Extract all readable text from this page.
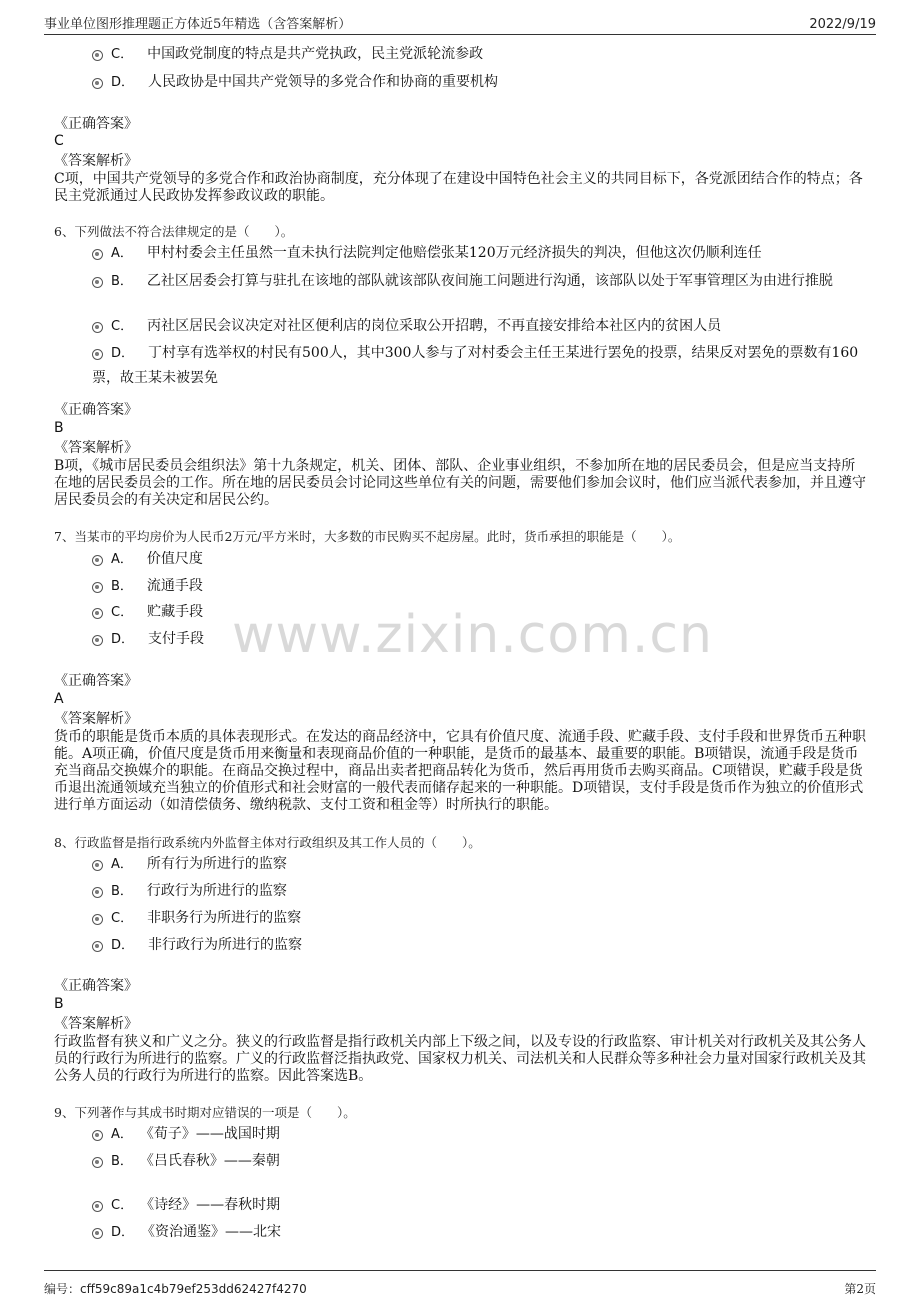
事业单位图形推理题正方体近5年精选（含答案解析）	2022/9/19
www.zixin.com.cn
C． 中国政党制度的特点是共产党执政，民主党派轮流参政
D． 人民政协是中国共产党领导的多党合作和协商的重要机构
《正确答案》
C
《答案解析》
C项，中国共产党领导的多党合作和政治协商制度，充分体现了在建设中国特色社会主义的共同目标下，各党派团结合作的特点；各民主党派通过人民政协发挥参政议政的职能。
6、下列做法不符合法律规定的是（　　）。
A． 甲村村委会主任虽然一直未执行法院判定他赔偿张某120万元经济损失的判决，但他这次仍顺利连任
B． 乙社区居委会打算与驻扎在该地的部队就该部队夜间施工问题进行沟通，该部队以处于军事管理区为由进行推脱
C． 丙社区居民会议决定对社区便利店的岗位采取公开招聘，不再直接安排给本社区内的贫困人员
D． 丁村享有选举权的村民有500人，其中300人参与了对村委会主任王某进行罢免的投票，结果反对罢免的票数有160票，故王某未被罢免
《正确答案》
B
《答案解析》
B项，《城市居民委员会组织法》第十九条规定，机关、团体、部队、企业事业组织，不参加所在地的居民委员会，但是应当支持所在地的居民委员会的工作。所在地的居民委员会讨论同这些单位有关的问题，需要他们参加会议时，他们应当派代表参加，并且遵守居民委员会的有关决定和居民公约。
7、当某市的平均房价为人民币2万元/平方米时，大多数的市民购买不起房屋。此时，货币承担的职能是（　　）。
A． 价值尺度
B． 流通手段
C． 贮藏手段
D． 支付手段
《正确答案》
A
《答案解析》
货币的职能是货币本质的具体表现形式。在发达的商品经济中，它具有价值尺度、流通手段、贮藏手段、支付手段和世界货币五种职能。A项正确，价值尺度是货币用来衡量和表现商品价值的一种职能，是货币的最基本、最重要的职能。B项错误，流通手段是货币充当商品交换媒介的职能。在商品交换过程中，商品出卖者把商品转化为货币，然后再用货币去购买商品。C项错误，贮藏手段是货币退出流通领域充当独立的价值形式和社会财富的一般代表而储存起来的一种职能。D项错误，支付手段是货币作为独立的价值形式进行单方面运动（如清偿债务、缴纳税款、支付工资和租金等）时所执行的职能。
8、行政监督是指行政系统内外监督主体对行政组织及其工作人员的（　　）。
A． 所有行为所进行的监察
B． 行政行为所进行的监察
C． 非职务行为所进行的监察
D． 非行政行为所进行的监察
《正确答案》
B
《答案解析》
行政监督有狭义和广义之分。狭义的行政监督是指行政机关内部上下级之间，以及专设的行政监察、审计机关对行政机关及其公务人员的行政行为所进行的监察。广义的行政监督泛指执政党、国家权力机关、司法机关和人民群众等多种社会力量对国家行政机关及其公务人员的行政行为所进行的监察。因此答案选B。
9、下列著作与其成书时期对应错误的一项是（　　）。
A． 《荀子》——战国时期
B． 《吕氏春秋》——秦朝
C． 《诗经》——春秋时期
D． 《资治通鉴》——北宋
编号：cff59c89a1c4b79ef253dd62427f4270	第2页
